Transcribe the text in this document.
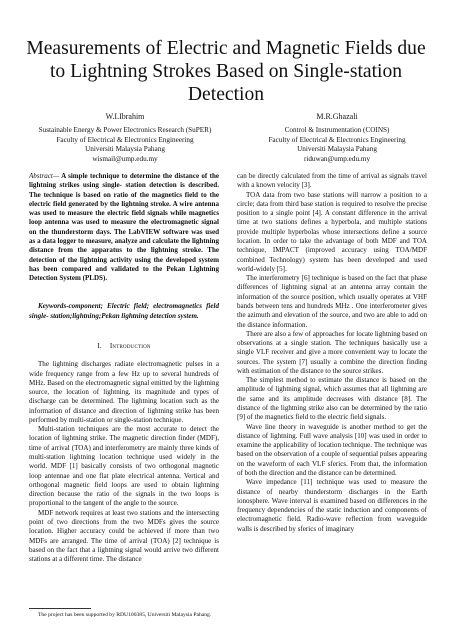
Measurements of Electric and Magnetic Fields due to Lightning Strokes Based on Single-station Detection
W.I.Ibrahim
Sustainable Energy & Power Electronics Research (SuPER)
Faculty of Electrical & Electronics Engineering
Universiti Malaysia Pahang
wismail@ump.edu.my
M.R.Ghazali
Control & Instrumentation (COINS)
Faculty of Electrical & Electronics Engineering
Universiti Malaysia Pahang
riduwan@ump.edu.my

Abstract— A simple technique to determine the distance of the lightning strikes using single- station detection is described. The technique is based on ratio of the magnetics field to the electric field generated by the lightning stroke. A wire antenna was used to measure the electric field signals while magnetics loop antenna was used to measure the electromagnetic signal on the thunderstorm days. The LabVIEW software was used as a data logger to measure, analyze and calculate the lightning distance from the apparatus to the lightning stroke. The detection of the lightning activity using the developed system has been compared and validated to the Pekan Lightning Detection System (PLDS).

Keywords-component; Electric field; electromagnetics field single- station;lightning;Pekan lightning detection system.

I. Introduction

The lightning discharges radiate electromagnetic pulses in a wide frequency range from a few Hz up to several hundreds of MHz. Based on the electromagnetic signal emitted by the lightning source, the location of lightning, its magnitude and types of discharge can be determined. The lightning location such as the information of distance and direction of lightning strike has been performed by multi-station or single-station technique.

Multi-station techniques are the most accurate to detect the location of lightning strike. The magnetic direction finder (MDF), time of arrival (TOA) and interferometry are mainly three kinds of multi-station lightning location technique used widely in the world. MDF [1] basically consists of two orthogonal magnetic loop antennae and one flat plate electrical antenna. Vertical and orthogonal magnetic field loops are used to obtain lightning direction because the ratio of the signals in the two loops is proportional to the tangent of the angle to the source.

MDF network requires at least two stations and the intersecting point of two directions from the two MDFs gives the source location. Higher accuracy could be achieved if more than two MDFs are arranged. The time of arrival (TOA) [2] technique is based on the fact that a lightning signal would arrive two different stations at a different time. The distance

can be directly calculated from the time of arrival as signals travel with a known velocity [3].

TOA data from two base stations will narrow a position to a circle; data from third base station is required to resolve the precise position to a single point [4]. A constant difference in the arrival time at two stations defines a hyperbola, and multiple stations provide multiple hyperbolas whose intersections define a source location. In order to take the advantage of both MDF and TOA technique, IMPACT (improved accuracy using TOA/MDF combined Technology) system has been developed and used world-widely [5].

The interferometry [6] technique is based on the fact that phase differences of lightning signal at an antenna array contain the information of the source position, which usually operates at VHF bands between tens and hundreds MHz . One interferometer gives the azimuth and elevation of the source, and two are able to add on the distance information.

There are also a few of approaches for locate lightning based on observations at a single station. The techniques basically use a single VLF receiver and give a more convenient way to locate the sources. The system [7] usually a combine the direction finding with estimation of the distance to the source strikes.

The simplest method to estimate the distance is based on the amplitude of lightning signal, which assumes that all lightning are the same and its amplitude decreases with distance [8]. The distance of the lightning strike also can be determined by the ratio [9] of the magnetics field to the electric field signals.

Wave line theory in waveguide is another method to get the distance of lightning. Full wave analysis [10] was used in order to examine the applicability of location technique. The technique was based on the observation of a couple of sequential pulses appearing on the waveform of each VLF sferics. From that, the information of both the direction and the distance can be determined.

Wave impedance [11] technique was used to measure the distance of nearby thunderstorm discharges in the Earth ionosphere. Wave interval is examined based on differences in the frequency dependencies of the static induction and components of electromagnetic field. Radio-wave reflection from waveguide walls is described by sferics of imaginary

The project has been supported by RDU100385, Universiti Malaysia Pahang.
